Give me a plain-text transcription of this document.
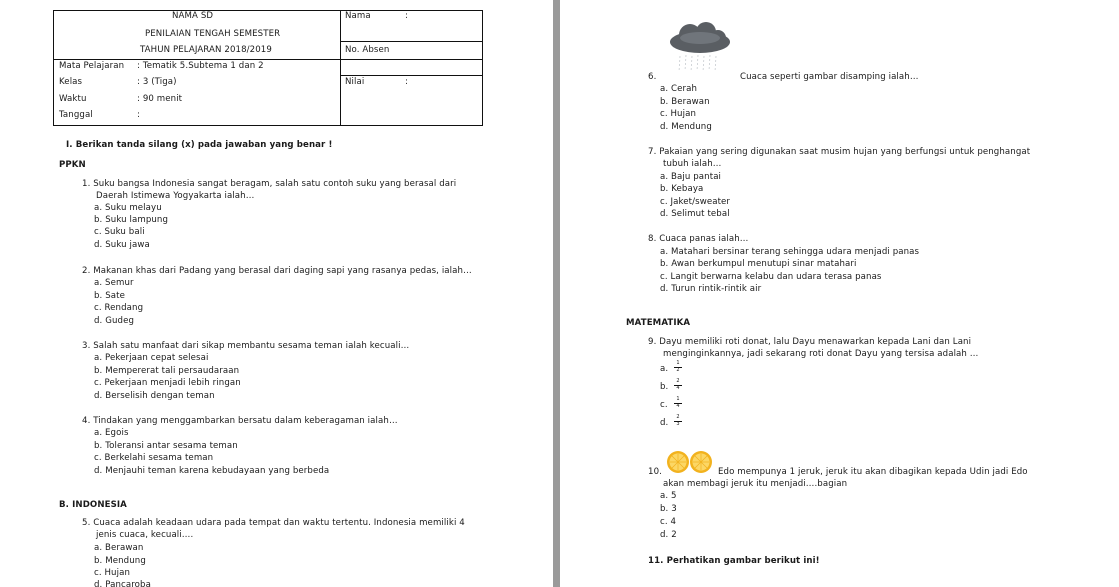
NAMA SD
PENILAIAN TENGAH SEMESTER
TAHUN PELAJARAN 2018/2019
Nama	:
No. Absen
Nilai	:
Mata Pelajaran : Tematik 5.Subtema 1 dan 2
Kelas	: 3 (Tiga)
Waktu	: 90 menit
Tanggal	:
I. Berikan tanda silang (x) pada jawaban yang benar !
PPKN
1. Suku bangsa Indonesia sangat beragam, salah satu contoh suku yang berasal dari
Daerah Istimewa Yogyakarta ialah…
a. Suku melayu
b. Suku lampung
c. Suku bali
d. Suku jawa
2. Makanan khas dari Padang yang berasal dari daging sapi yang rasanya pedas, ialah…
a. Semur
b. Sate
c. Rendang
d. Gudeg
3. Salah satu manfaat dari sikap membantu sesama teman ialah kecuali…
a. Pekerjaan cepat selesai
b. Mempererat tali persaudaraan
c. Pekerjaan menjadi lebih ringan
d. Berselisih dengan teman
4. Tindakan yang menggambarkan bersatu dalam keberagaman ialah…
a. Egois
b. Toleransi antar sesama teman
c. Berkelahi sesama teman
d. Menjauhi teman karena kebudayaan yang berbeda
B. INDONESIA
5. Cuaca adalah keadaan udara pada tempat dan waktu tertentu. Indonesia memiliki 4
jenis cuaca, kecuali….
a. Berawan
b. Mendung
c. Hujan
d. Pancaroba
6.	Cuaca seperti gambar disamping ialah…
a. Cerah
b. Berawan
c. Hujan
d. Mendung
7. Pakaian yang sering digunakan saat musim hujan yang berfungsi untuk penghangat
tubuh ialah…
a. Baju pantai
b. Kebaya
c. Jaket/sweater
d. Selimut tebal
8. Cuaca panas ialah…
a. Matahari bersinar terang sehingga udara menjadi panas
b. Awan berkumpul menutupi sinar matahari
c. Langit berwarna kelabu dan udara terasa panas
d. Turun rintik-rintik air
MATEMATIKA
9. Dayu memiliki roti donat, lalu Dayu menawarkan kepada Lani dan Lani
menginginkannya, jadi sekarang roti donat Dayu yang tersisa adalah …
a.
1
2
b.
2
4
c.
1
4
d.
2
3
10.	Edo mempunya 1 jeruk, jeruk itu akan dibagikan kepada Udin jadi Edo
akan membagi jeruk itu menjadi….bagian
a. 5
b. 3
c. 4
d. 2
11. Perhatikan gambar berikut ini!
